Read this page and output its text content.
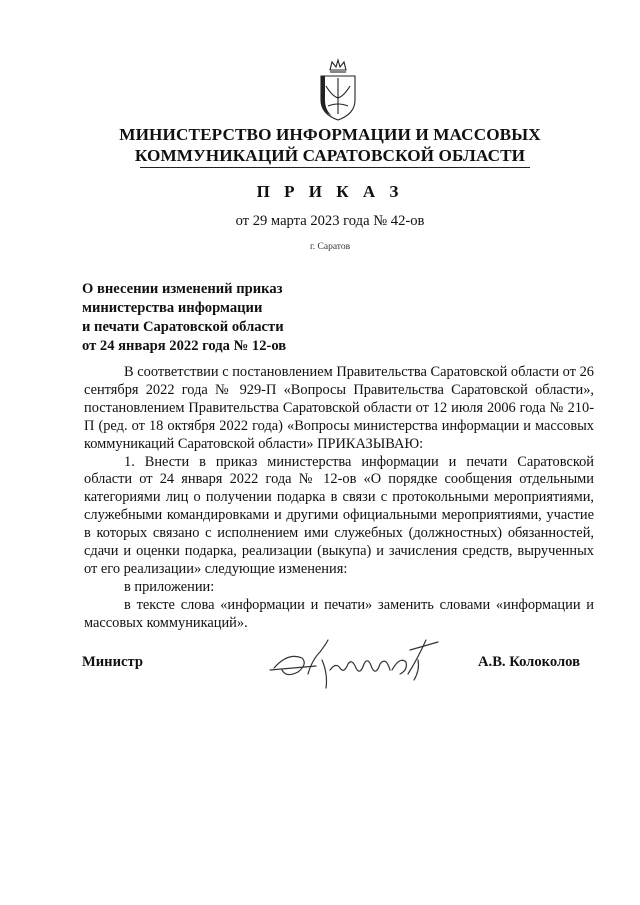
МИНИСТЕРСТВО ИНФОРМАЦИИ И МАССОВЫХ
КОММУНИКАЦИЙ САРАТОВСКОЙ ОБЛАСТИ
П Р И К А З
от 29 марта 2023 года № 42-ов
г. Саратов
О внесении изменений приказ
министерства информации
и печати Саратовской области
от 24 января 2022 года № 12-ов

В соответствии с постановлением Правительства Саратовской области от 26 сентября 2022 года № 929-П «Вопросы Правительства Саратовской области», постановлением Правительства Саратовской области от 12 июля 2006 года № 210-П (ред. от 18 октября 2022 года) «Вопросы министерства информации и массовых коммуникаций Саратовской области» ПРИКАЗЫВАЮ:

1. Внести в приказ министерства информации и печати Саратовской области от 24 января 2022 года № 12-ов «О порядке сообщения отдельными категориями лиц о получении подарка в связи с протокольными мероприятиями, служебными командировками и другими официальными мероприятиями, участие в которых связано с исполнением ими служебных (должностных) обязанностей, сдачи и оценки подарка, реализации (выкупа) и зачисления средств, вырученных от его реализации» следующие изменения:

в приложении:

в тексте слова «информации и печати» заменить словами «информации и массовых коммуникаций».

Министр	А.В. Колоколов
